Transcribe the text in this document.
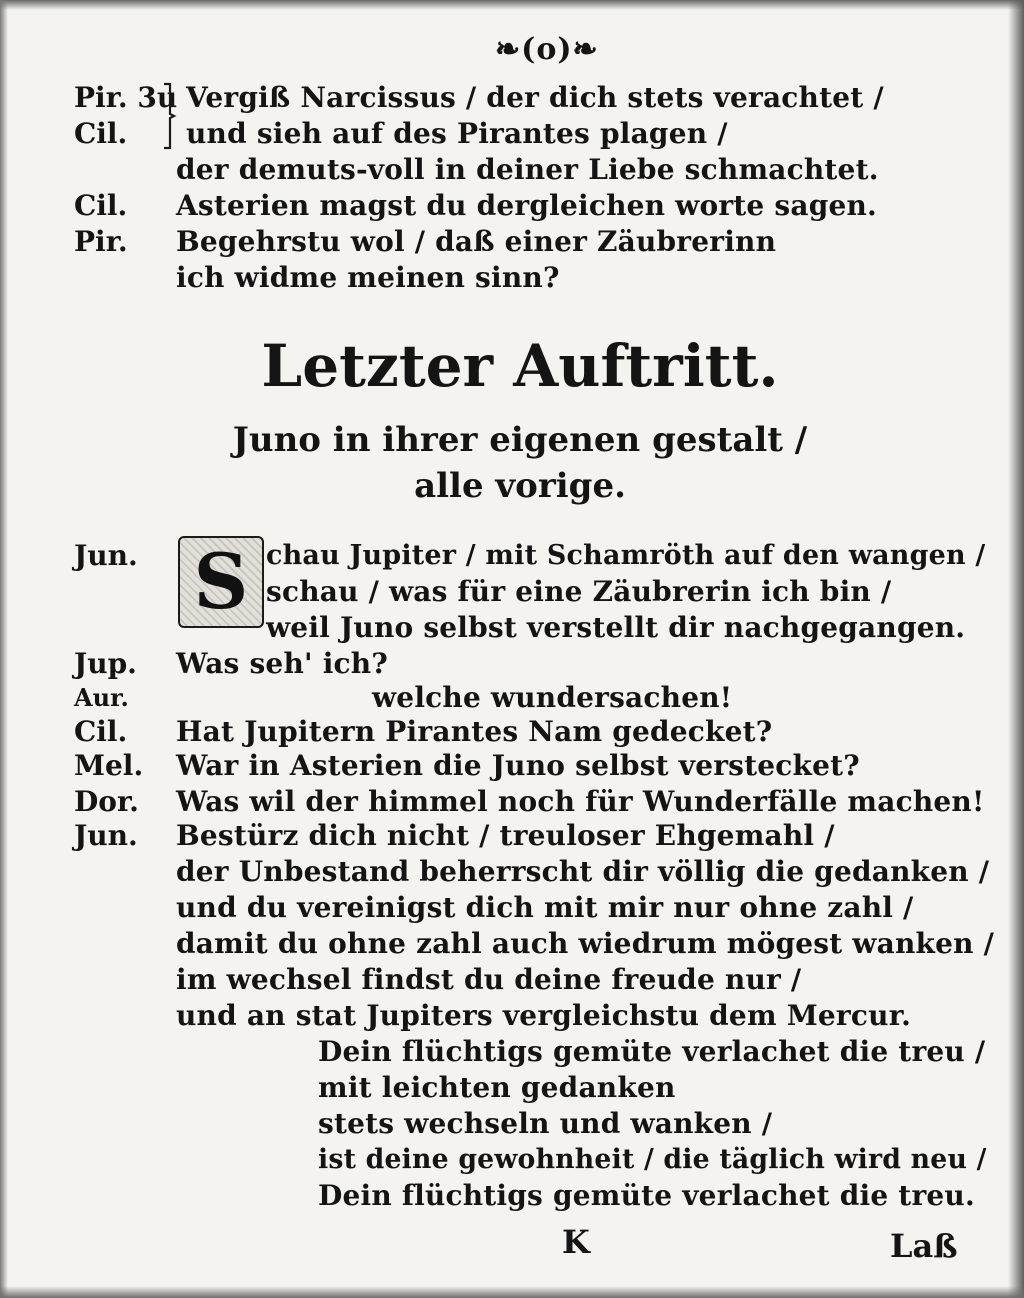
❧(o)❧
Pir. 3u Vergiß Narcissus / der dich stets verachtet /
Cil.	und sieh auf des Pirantes plagen /
der demuts-voll in deiner Liebe schmachtet.
Cil.	Asterien magst du dergleichen worte sagen.
Pir.	Begehrstu wol / daß einer Zäubrerinn
ich widme meinen sinn?
Letzter Auftritt.
Juno in ihrer eigenen gestalt /
alle vorige.
Jun. S chau Jupiter / mit Schamröth auf den wangen /
schau / was für eine Zäubrerin ich bin /
weil Juno selbst verstellt dir nachgegangen.
Jup.	Was seh' ich?
Aur.	welche wundersachen!
Cil.	Hat Jupitern Pirantes Nam gedecket?
Mel.	War in Asterien die Juno selbst verstecket?
Dor.	Was wil der himmel noch für Wunderfälle machen!
Jun.	Bestürz dich nicht / treuloser Ehgemahl /
der Unbestand beherrscht dir völlig die gedanken /
und du vereinigst dich mit mir nur ohne zahl /
damit du ohne zahl auch wiedrum mögest wanken /
im wechsel findst du deine freude nur /
und an stat Jupiters vergleichstu dem Mercur.
Dein flüchtigs gemüte verlachet die treu /
mit leichten gedanken
stets wechseln und wanken /
ist deine gewohnheit / die täglich wird neu /
Dein flüchtigs gemüte verlachet die treu.
K	Laß
